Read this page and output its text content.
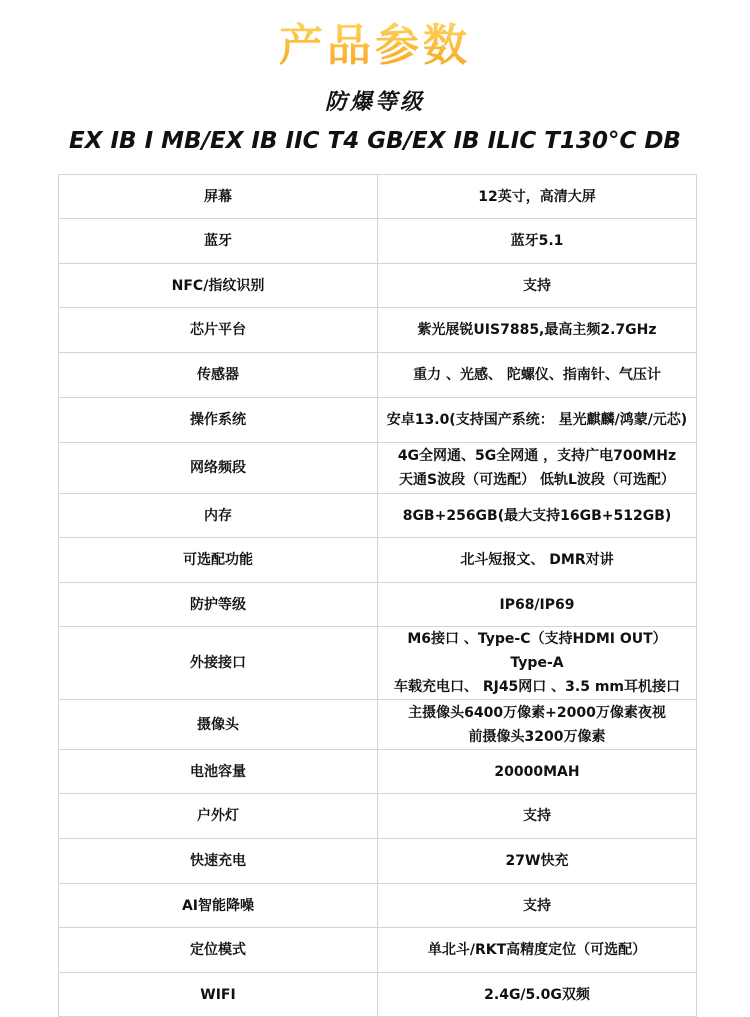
产品参数
防爆等级
EX IB I MB/EX IB IIC T4 GB/EX IB ILIC T130°C DB
屏幕	12英寸，高清大屏
蓝牙	蓝牙5.1
NFC/指纹识别	支持
芯片平台	紫光展锐UIS7885,最高主频2.7GHz
传感器	重力 、光感、 陀螺仪、指南针、气压计
操作系统	安卓13.0(支持国产系统： 星光麒麟/鸿蒙/元芯)
网络频段	4G全网通、5G全网通 ，支持广电700MHz
天通S波段（可选配） 低轨L波段（可选配）
内存	8GB+256GB(最大支持16GB+512GB)
可选配功能	北斗短报文、 DMR对讲
防护等级	IP68/IP69
外接接口	M6接口 、Type-C（支持HDMI OUT） Type-A
车载充电口、 RJ45网口 、3.5 mm耳机接口
摄像头	主摄像头6400万像素+2000万像素夜视
前摄像头3200万像素
电池容量	20000MAH
户外灯	支持
快速充电	27W快充
AI智能降噪	支持
定位模式	单北斗/RKT高精度定位（可选配）
WIFI	2.4G/5.0G双频
